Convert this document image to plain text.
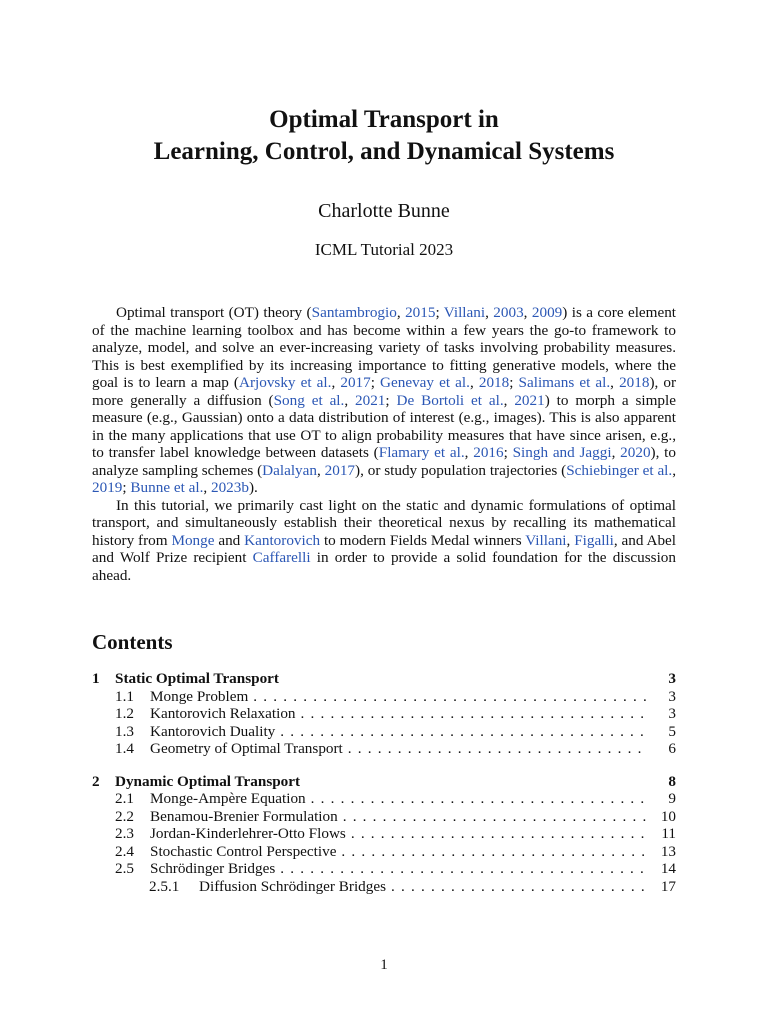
Optimal Transport in
Learning, Control, and Dynamical Systems
Charlotte Bunne
ICML Tutorial 2023

Optimal transport (OT) theory (Santambrogio, 2015; Villani, 2003, 2009) is a core element of the machine learning toolbox and has become within a few years the go-to framework to analyze, model, and solve an ever-increasing variety of tasks involving probability measures. This is best exemplified by its increasing importance to fitting generative models, where the goal is to learn a map (Arjovsky et al., 2017; Genevay et al., 2018; Salimans et al., 2018), or more generally a diffusion (Song et al., 2021; De Bortoli et al., 2021) to morph a simple measure (e.g., Gaussian) onto a data distribution of interest (e.g., images). This is also apparent in the many applications that use OT to align probability measures that have since arisen, e.g., to transfer label knowledge between datasets (Flamary et al., 2016; Singh and Jaggi, 2020), to analyze sampling schemes (Dalalyan, 2017), or study population trajectories (Schiebinger et al., 2019; Bunne et al., 2023b).

In this tutorial, we primarily cast light on the static and dynamic formulations of optimal transport, and simultaneously establish their theoretical nexus by recalling its mathematical history from Monge and Kantorovich to modern Fields Medal winners Villani, Figalli, and Abel and Wolf Prize recipient Caffarelli in order to provide a solid foundation for the discussion ahead.

Contents
1 Static Optimal Transport	3
1.1 Monge Problem . . .	3
1.2 Kantorovich Relaxation . . .	3
1.3 Kantorovich Duality . . .	5
1.4 Geometry of Optimal Transport . . .	6
2 Dynamic Optimal Transport	8
2.1 Monge-Ampère Equation . . .	9
2.2 Benamou-Brenier Formulation . . .	10
2.3 Jordan-Kinderlehrer-Otto Flows . . .	11
2.4 Stochastic Control Perspective . . .	13
2.5 Schrödinger Bridges . . .	14
2.5.1 Diffusion Schrödinger Bridges . . .	17
1
